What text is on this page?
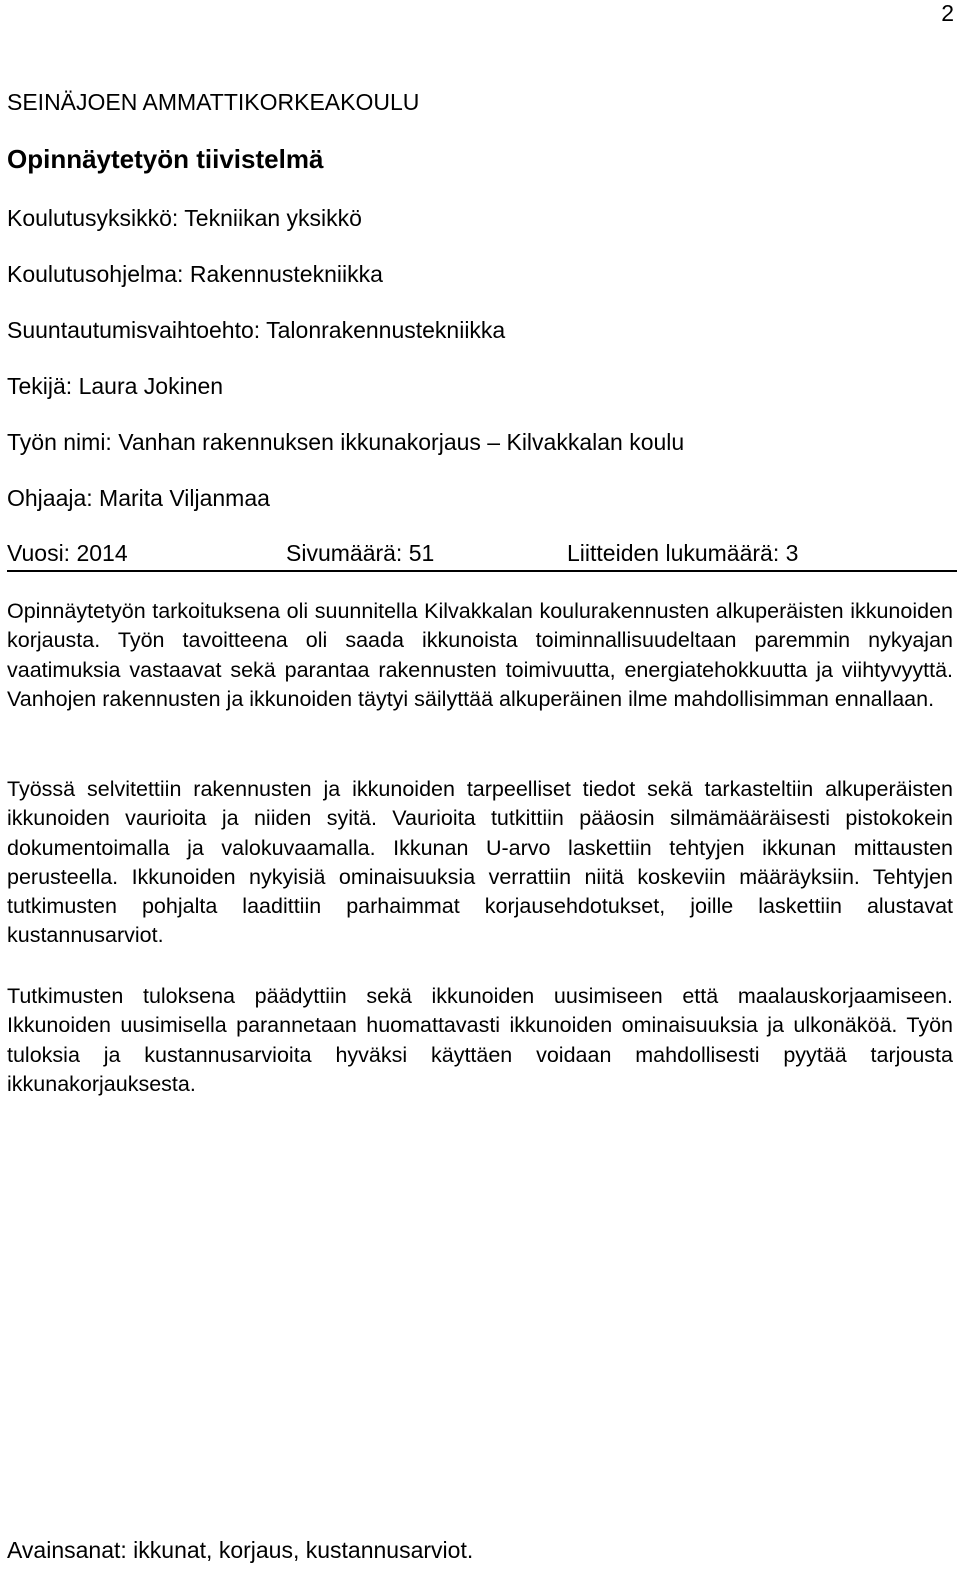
2
SEINÄJOEN AMMATTIKORKEAKOULU
Opinnäytetyön tiivistelmä
Koulutusyksikkö: Tekniikan yksikkö
Koulutusohjelma: Rakennustekniikka
Suuntautumisvaihtoehto: Talonrakennustekniikka
Tekijä: Laura Jokinen
Työn nimi: Vanhan rakennuksen ikkunakorjaus – Kilvakkalan koulu
Ohjaaja: Marita Viljanmaa
Vuosi: 2014	Sivumäärä: 51	Liitteiden lukumäärä: 3
Opinnäytetyön tarkoituksena oli suunnitella Kilvakkalan koulurakennusten alkuperäisten ikkunoiden korjausta. Työn tavoitteena oli saada ikkunoista toiminnallisuudeltaan paremmin nykyajan vaatimuksia vastaavat sekä parantaa rakennusten toimivuutta, energiatehokkuutta ja viihtyvyyttä. Vanhojen rakennusten ja ikkunoiden täytyi säilyttää alkuperäinen ilme mahdollisimman ennallaan.
Työssä selvitettiin rakennusten ja ikkunoiden tarpeelliset tiedot sekä tarkasteltiin alkuperäisten ikkunoiden vaurioita ja niiden syitä. Vaurioita tutkittiin pääosin silmämääräisesti pistokokein dokumentoimalla ja valokuvaamalla. Ikkunan U-arvo laskettiin tehtyjen ikkunan mittausten perusteella. Ikkunoiden nykyisiä ominaisuuksia verrattiin niitä koskeviin määräyksiin. Tehtyjen tutkimusten pohjalta laadittiin parhaimmat korjausehdotukset, joille laskettiin alustavat kustannusarviot.
Tutkimusten tuloksena päädyttiin sekä ikkunoiden uusimiseen että maalauskorjaamiseen. Ikkunoiden uusimisella parannetaan huomattavasti ikkunoiden ominaisuuksia ja ulkonäköä. Työn tuloksia ja kustannusarvioita hyväksi käyttäen voidaan mahdollisesti pyytää tarjousta ikkunakorjauksesta.
Avainsanat: ikkunat, korjaus, kustannusarviot.
